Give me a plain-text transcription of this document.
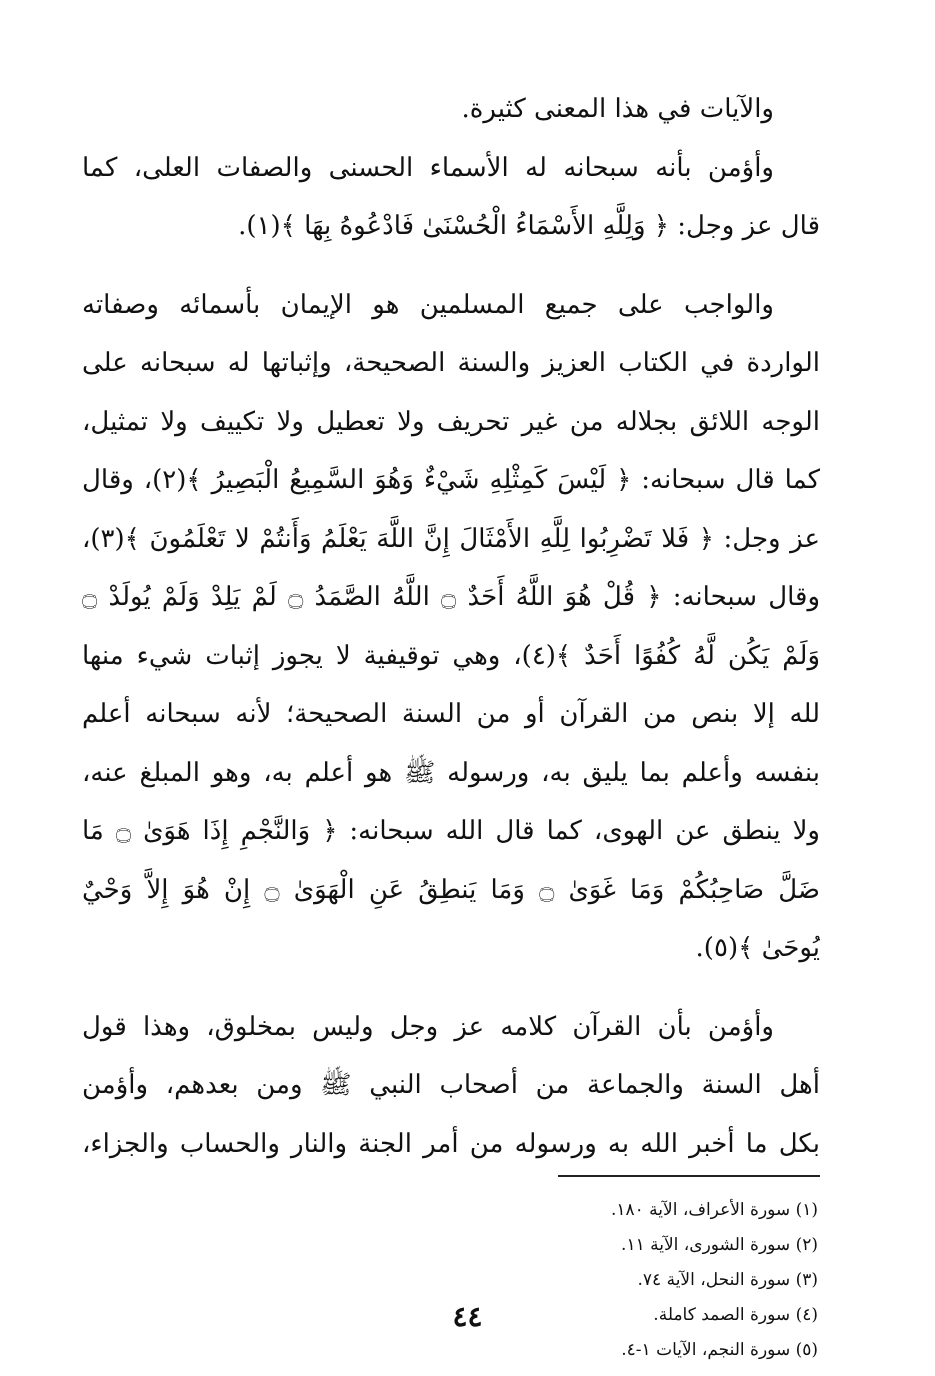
والآيات في هذا المعنى كثيرة.
وأؤمن بأنه سبحانه له الأسماء الحسنى والصفات العلى، كما
قال عز وجل: ﴿ وَلِلَّهِ الأَسْمَاءُ الْحُسْنَىٰ فَادْعُوهُ بِهَا ﴾(١).
والواجب على جميع المسلمين هو الإيمان بأسمائه وصفاته
الواردة في الكتاب العزيز والسنة الصحيحة، وإثباتها له سبحانه على
الوجه اللائق بجلاله من غير تحريف ولا تعطيل ولا تكييف ولا تمثيل،
كما قال سبحانه: ﴿ لَيْسَ كَمِثْلِهِ شَيْءٌ وَهُوَ السَّمِيعُ الْبَصِيرُ ﴾(٢)، وقال
عز وجل: ﴿ فَلا تَضْرِبُوا لِلَّهِ الأَمْثَالَ إِنَّ اللَّهَ يَعْلَمُ وَأَنتُمْ لا تَعْلَمُونَ ﴾(٣)،
وقال سبحانه: ﴿ قُلْ هُوَ اللَّهُ أَحَدٌ ۝ اللَّهُ الصَّمَدُ ۝ لَمْ يَلِدْ وَلَمْ يُولَدْ ۝
وَلَمْ يَكُن لَّهُ كُفُوًا أَحَدٌ ﴾(٤)، وهي توقيفية لا يجوز إثبات شيء منها
لله إلا بنص من القرآن أو من السنة الصحيحة؛ لأنه سبحانه أعلم
بنفسه وأعلم بما يليق به، ورسوله ﷺ هو أعلم به، وهو المبلغ عنه،
ولا ينطق عن الهوى، كما قال الله سبحانه: ﴿ وَالنَّجْمِ إِذَا هَوَىٰ ۝ مَا
ضَلَّ صَاحِبُكُمْ وَمَا غَوَىٰ ۝ وَمَا يَنطِقُ عَنِ الْهَوَىٰ ۝ إِنْ هُوَ إِلاَّ وَحْيٌ
يُوحَىٰ ﴾(٥).
وأؤمن بأن القرآن كلامه عز وجل وليس بمخلوق، وهذا قول
أهل السنة والجماعة من أصحاب النبي ﷺ ومن بعدهم، وأؤمن
بكل ما أخبر الله به ورسوله من أمر الجنة والنار والحساب والجزاء،
(١) سورة الأعراف، الآية ١٨٠.
(٢) سورة الشورى، الآية ١١.
(٣) سورة النحل، الآية ٧٤.
(٤) سورة الصمد كاملة.
(٥) سورة النجم، الآيات ١-٤.
٤٤
